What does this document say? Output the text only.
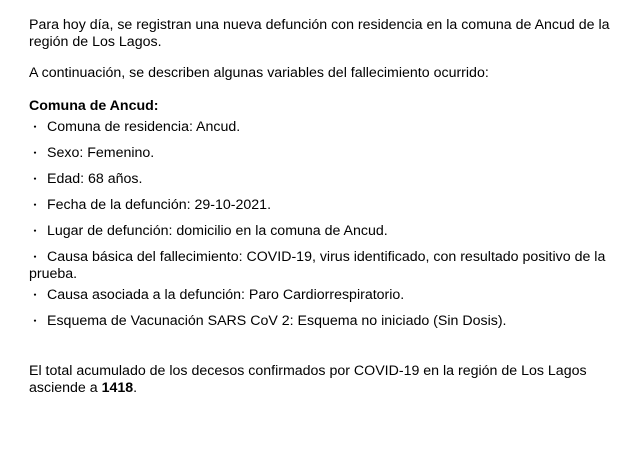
Para hoy día, se registran una nueva defunción con residencia en la comuna de Ancud de la región de Los Lagos.

A continuación, se describen algunas variables del fallecimiento ocurrido:

Comuna de Ancud:

・ Comuna de residencia: Ancud.
・ Sexo: Femenino.
・ Edad: 68 años.
・ Fecha de la defunción: 29-10-2021.
・ Lugar de defunción: domicilio en la comuna de Ancud.
・ Causa básica del fallecimiento: COVID-19, virus identificado, con resultado positivo de la prueba.
・ Causa asociada a la defunción: Paro Cardiorrespiratorio.
・ Esquema de Vacunación SARS CoV 2: Esquema no iniciado (Sin Dosis).

El total acumulado de los decesos confirmados por COVID-19 en la región de Los Lagos asciende a 1418.
